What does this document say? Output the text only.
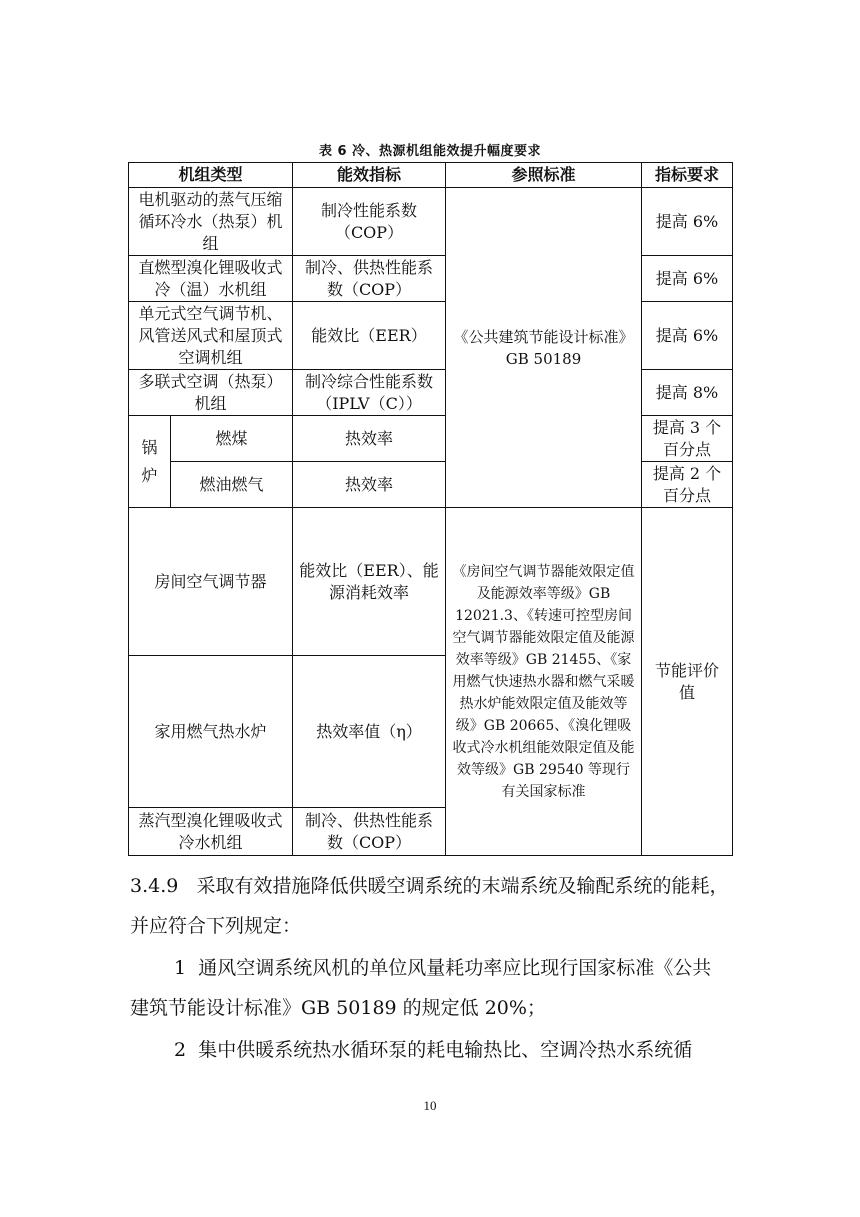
表 6 冷、热源机组能效提升幅度要求
机组类型		能效指标	参照标准	指标要求
电机驱动的蒸气压缩循环冷水（热泵）机组		制冷性能系数（COP）	《公共建筑节能设计标准》GB 50189	提高 6%
直燃型溴化锂吸收式冷（温）水机组		制冷、供热性能系数（COP）		提高 6%
单元式空气调节机、风管送风式和屋顶式空调机组		能效比（EER）		提高 6%
多联式空调（热泵）机组		制冷综合性能系数（IPLV（C））		提高 8%
锅炉	燃煤	热效率		提高 3 个百分点
	燃油燃气	热效率		提高 2 个百分点
房间空气调节器		能效比（EER）、能源消耗效率	《房间空气调节器能效限定值及能源效率等级》GB 12021.3、《转速可控型房间空气调节器能效限定值及能源效率等级》GB 21455、《家用燃气快速热水器和燃气采暖热水炉能效限定值及能效等级》GB 20665、《溴化锂吸收式冷水机组能效限定值及能效等级》GB 29540 等现行有关国家标准	节能评价值
家用燃气热水炉		热效率值（η）		
蒸汽型溴化锂吸收式冷水机组		制冷、供热性能系数（COP）		

3.4.9 采取有效措施降低供暖空调系统的末端系统及输配系统的能耗，并应符合下列规定：

1 通风空调系统风机的单位风量耗功率应比现行国家标准《公共建筑节能设计标准》GB 50189 的规定低 20%；

2 集中供暖系统热水循环泵的耗电输热比、空调冷热水系统循

10
